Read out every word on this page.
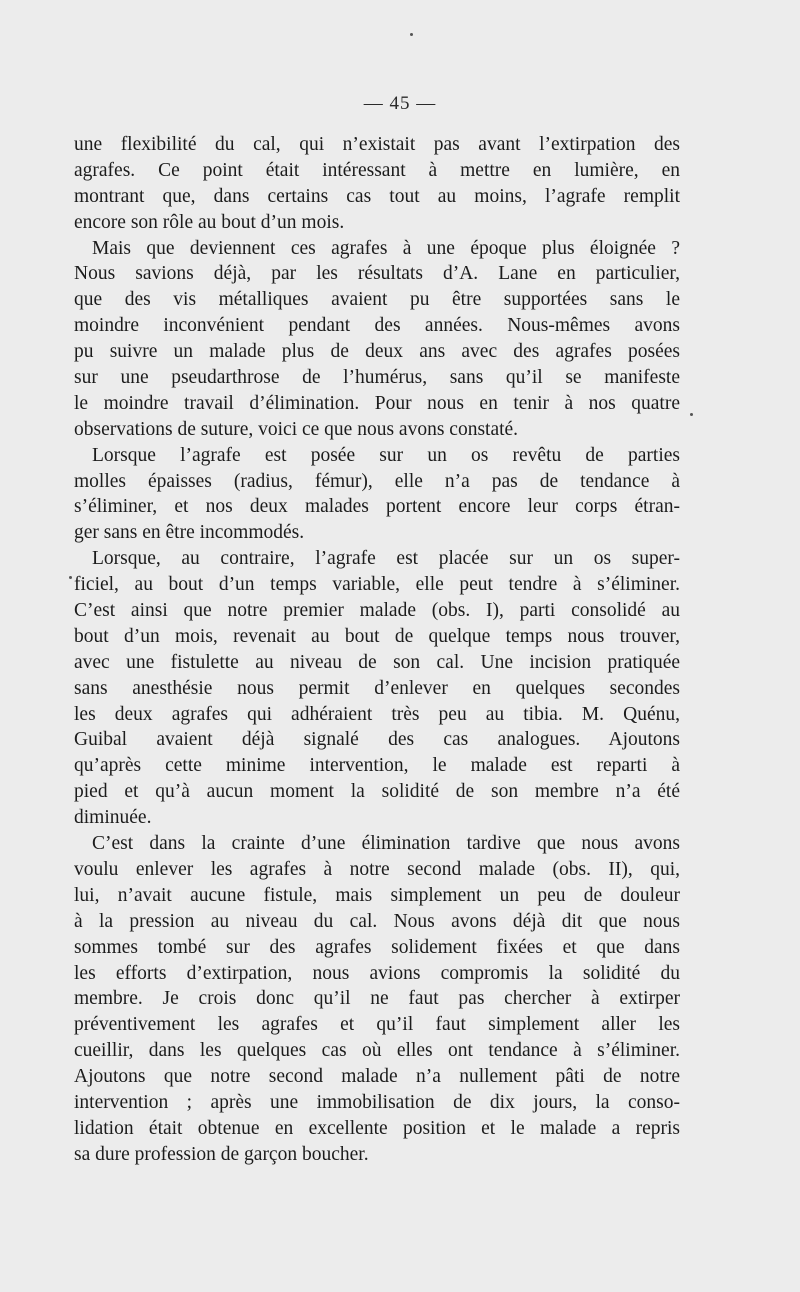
— 45 —
une flexibilité du cal, qui n’existait pas avant l’extirpation des
agrafes. Ce point était intéressant à mettre en lumière, en
montrant que, dans certains cas tout au moins, l’agrafe remplit
encore son rôle au bout d’un mois.
Mais que deviennent ces agrafes à une époque plus éloignée ?
Nous savions déjà, par les résultats d’A. Lane en particulier,
que des vis métalliques avaient pu être supportées sans le
moindre inconvénient pendant des années. Nous-mêmes avons
pu suivre un malade plus de deux ans avec des agrafes posées
sur une pseudarthrose de l’humérus, sans qu’il se manifeste
le moindre travail d’élimination. Pour nous en tenir à nos quatre
observations de suture, voici ce que nous avons constaté.
Lorsque l’agrafe est posée sur un os revêtu de parties
molles épaisses (radius, fémur), elle n’a pas de tendance à
s’éliminer, et nos deux malades portent encore leur corps étran-
ger sans en être incommodés.
Lorsque, au contraire, l’agrafe est placée sur un os super-
ficiel, au bout d’un temps variable, elle peut tendre à s’éliminer.
C’est ainsi que notre premier malade (obs. I), parti consolidé au
bout d’un mois, revenait au bout de quelque temps nous trouver,
avec une fistulette au niveau de son cal. Une incision pratiquée
sans anesthésie nous permit d’enlever en quelques secondes
les deux agrafes qui adhéraient très peu au tibia. M. Quénu,
Guibal avaient déjà signalé des cas analogues. Ajoutons
qu’après cette minime intervention, le malade est reparti à
pied et qu’à aucun moment la solidité de son membre n’a été
diminuée.
C’est dans la crainte d’une élimination tardive que nous avons
voulu enlever les agrafes à notre second malade (obs. II), qui,
lui, n’avait aucune fistule, mais simplement un peu de douleur
à la pression au niveau du cal. Nous avons déjà dit que nous
sommes tombé sur des agrafes solidement fixées et que dans
les efforts d’extirpation, nous avions compromis la solidité du
membre. Je crois donc qu’il ne faut pas chercher à extirper
préventivement les agrafes et qu’il faut simplement aller les
cueillir, dans les quelques cas où elles ont tendance à s’éliminer.
Ajoutons que notre second malade n’a nullement pâti de notre
intervention ; après une immobilisation de dix jours, la conso-
lidation était obtenue en excellente position et le malade a repris
sa dure profession de garçon boucher.
